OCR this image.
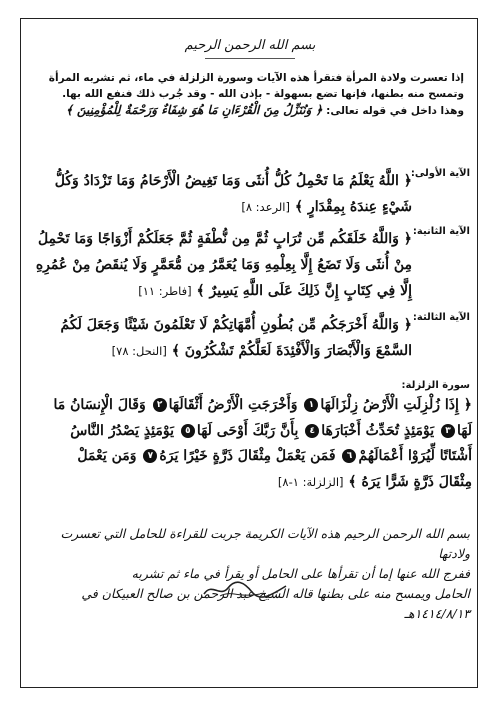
بسم الله الرحمن الرحيم
إذا تعسرت ولادة المرأة فتقرأ هذه الآيات وسورة الزلزلة في ماء، ثم تشربه المرأة وتمسح منه بطنها، فإنها تضع بسهولة - بإذن الله - وقد جُرب ذلك فنفع الله بها. وهذا داخل في قوله تعالى: ﴿ وَنُنَزِّلُ مِنَ الْقُرْءَانِ مَا هُوَ شِفَاءٌ وَرَحْمَةٌ لِلْمُؤْمِنِينَ ﴾
الآية الأولى:
﴿ اللَّهُ يَعْلَمُ مَا تَحْمِلُ كُلُّ أُنثَى وَمَا تَغِيضُ الْأَرْحَامُ وَمَا تَزْدَادُ وَكُلُّ شَيْءٍ عِندَهُ بِمِقْدَارٍ ﴾ [الرعد: ٨]
الآية الثانية:
﴿ وَاللَّهُ خَلَقَكُم مِّن تُرَابٍ ثُمَّ مِن نُّطْفَةٍ ثُمَّ جَعَلَكُمْ أَزْوَاجًا وَمَا تَحْمِلُ مِنْ أُنثَى وَلَا تَضَعُ إِلَّا بِعِلْمِهِ وَمَا يُعَمَّرُ مِن مُّعَمَّرٍ وَلَا يُنقَصُ مِنْ عُمُرِهِ إِلَّا فِي كِتَابٍ إِنَّ ذَلِكَ عَلَى اللَّهِ يَسِيرٌ ﴾ [فاطر: ١١]
الآية الثالثة:
﴿ وَاللَّهُ أَخْرَجَكُم مِّن بُطُونِ أُمَّهَاتِكُمْ لَا تَعْلَمُونَ شَيْئًا وَجَعَلَ لَكُمُ السَّمْعَ وَالْأَبْصَارَ وَالْأَفْئِدَةَ لَعَلَّكُمْ تَشْكُرُونَ ﴾ [النحل: ٧٨]
سورة الزلزلة:
﴿ إِذَا زُلْزِلَتِ الْأَرْضُ زِلْزَالَهَا١ وَأَخْرَجَتِ الْأَرْضُ أَثْقَالَهَا٢ وَقَالَ الْإِنسَانُ مَا لَهَا٣ يَوْمَئِذٍ تُحَدِّثُ أَخْبَارَهَا٤ بِأَنَّ رَبَّكَ أَوْحَى لَهَا٥ يَوْمَئِذٍ يَصْدُرُ النَّاسُ أَشْتَاتًا لِّيُرَوْا أَعْمَالَهُمْ٦ فَمَن يَعْمَلْ مِثْقَالَ ذَرَّةٍ خَيْرًا يَرَهُ٧ وَمَن يَعْمَلْ مِثْقَالَ ذَرَّةٍ شَرًّا يَرَهُ ﴾ [الزلزلة: ١-٨]
بسم الله الرحمن الرحيم هذه الآيات الكريمة جربت للقراءة للحامل التي تعسرت ولادتها
ففرج الله عنها إما أن تقرأها على الحامل أو يقرأ في ماء ثم تشربه
الحامل ويمسح منه على بطنها قاله الشيخ عبد الرحمن بن صالح العبيكان في ١٤١٤/٨/١٣هـ
